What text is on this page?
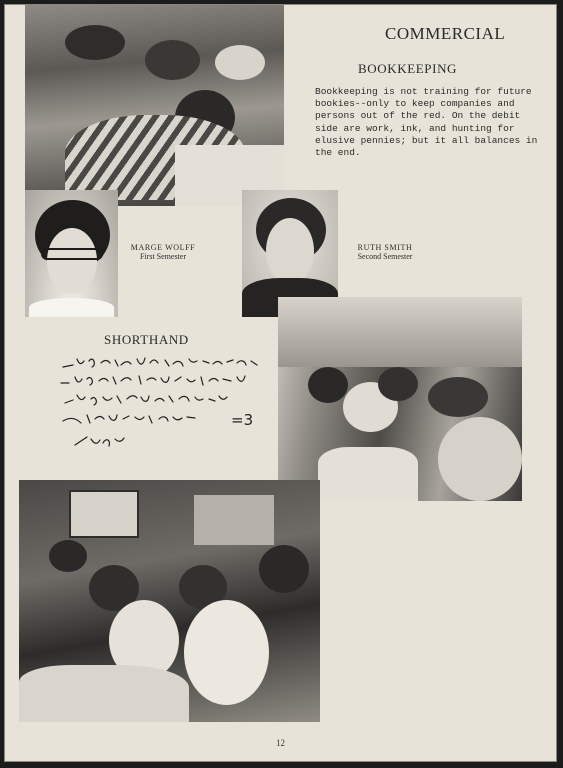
COMMERCIAL
BOOKKEEPING
Bookkeeping is not training for future
bookies--only to keep companies and
persons out of the red. On the debit
side are work, ink, and hunting for
elusive pennies; but it all balances in
the end.
MARGE WOLFF
First Semester
RUTH SMITH
Second Semester
SHORTHAND
=3
12
